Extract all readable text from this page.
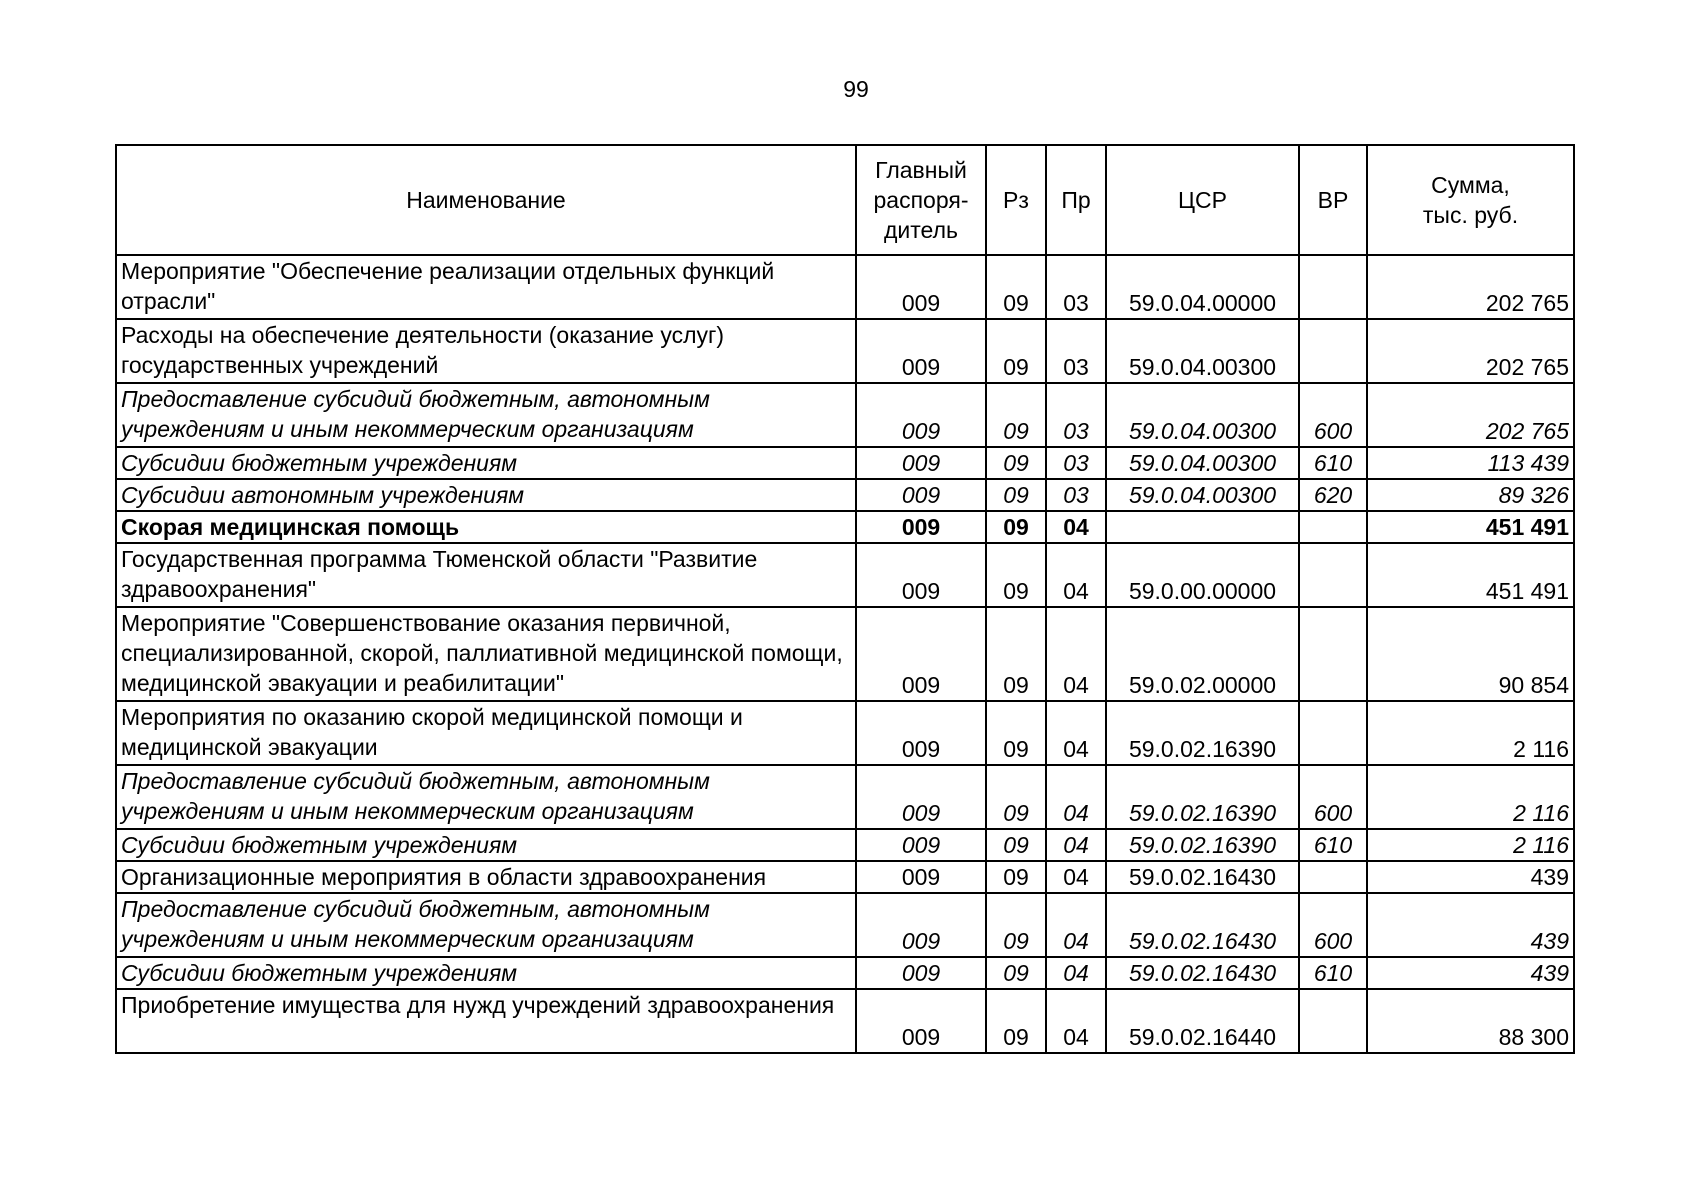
99
Наименование	Главный
распоря-
дитель	Рз	Пр	ЦСР	ВР	Сумма,
тыс. руб.

Мероприятие "Обеспечение реализации отдельных функций отрасли"	009	09	03	59.0.04.00000		202 765
Расходы на обеспечение деятельности (оказание услуг) государственных учреждений	009	09	03	59.0.04.00300		202 765
Предоставление субсидий бюджетным, автономным учреждениям и иным некоммерческим организациям	009	09	03	59.0.04.00300	600	202 765
Субсидии бюджетным учреждениям	009	09	03	59.0.04.00300	610	113 439
Субсидии автономным учреждениям	009	09	03	59.0.04.00300	620	89 326
Скорая медицинская помощь	009	09	04			451 491
Государственная программа Тюменской области "Развитие здравоохранения"	009	09	04	59.0.00.00000		451 491
Мероприятие "Совершенствование оказания первичной, специализированной, скорой, паллиативной медицинской помощи, медицинской эвакуации и реабилитации"	009	09	04	59.0.02.00000		90 854
Мероприятия по оказанию скорой медицинской помощи и медицинской эвакуации	009	09	04	59.0.02.16390		2 116
Предоставление субсидий бюджетным, автономным учреждениям и иным некоммерческим организациям	009	09	04	59.0.02.16390	600	2 116
Субсидии бюджетным учреждениям	009	09	04	59.0.02.16390	610	2 116
Организационные мероприятия в области здравоохранения	009	09	04	59.0.02.16430		439
Предоставление субсидий бюджетным, автономным учреждениям и иным некоммерческим организациям	009	09	04	59.0.02.16430	600	439
Субсидии бюджетным учреждениям	009	09	04	59.0.02.16430	610	439
Приобретение имущества для нужд учреждений здравоохранения	009	09	04	59.0.02.16440		88 300
